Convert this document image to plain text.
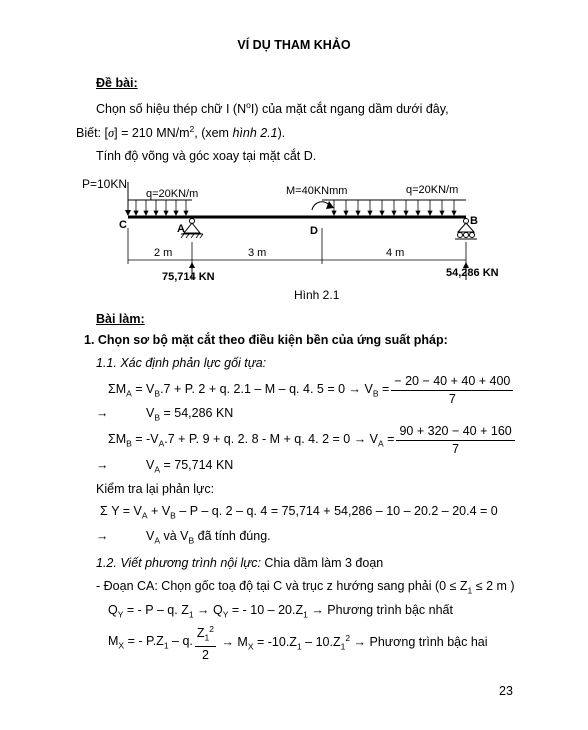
VÍ DỤ THAM KHẢO
Đề bài:
Chọn số hiệu thép chữ I $(N^oI)$ của mặt cắt ngang dầm dưới đây,
Biết: [σ] = 210 $MN/m^2$, (xem hình 2.1).
Tính độ võng và góc xoay tại mặt cắt D.
P=10KN
q=20KN/m	M=40KNmm	q=20KN/m
C	A	D
B
2 m	3 m	4 m
75,714 KN	54,286 KN
Hình 2.1
Bài làm:
1. Chọn sơ bộ mặt cắt theo điều kiện bền của ứng suất pháp:
1.1. Xác định phản lực gối tựa:
$\Sigma M_A = V_B.7 + P$. 2 + q. 2.1 – M – q. 4. $5 = 0 \to V_B = \frac{- 20 - 40 + 40 + 400}{7}$
→	$V_B = 54,286$ KN
$\Sigma M_B = -V_A.7 + P$. 9 + q. 2. 8 - M + q. 4. $2 = 0 \to V_A = \frac{90 + 320 - 40 + 160}{7}$
→	$V_A = 75,714$ KN
Kiểm tra lại phản lực:
Σ $Y = V_A + V_B - P - q$. 2 – q. 4 = 75,714 + 54,286 – 10 – 20.2 – 20.4 = 0
→	$V_A$ và $V_B$ đã tính đúng.
1.2. Viết phương trình nội lực: Chia dầm làm 3 đoạn
- Đoạn CA: Chọn gốc toạ độ tại C và trục z hướng sang phải ($0 \le Z_1 \le 2$ m )
$Q_Y$ = - P – q. $Z_1 \to Q_Y$ = - $10 - 20.Z_1$ → Phương trình bậc nhất
$M_X$ = - $P.Z_1$ – q. $\frac{Z_1^2}{2} \to M_X = -10.Z_1 - 10.Z_1^2$ → Phương trình bậc hai
23
